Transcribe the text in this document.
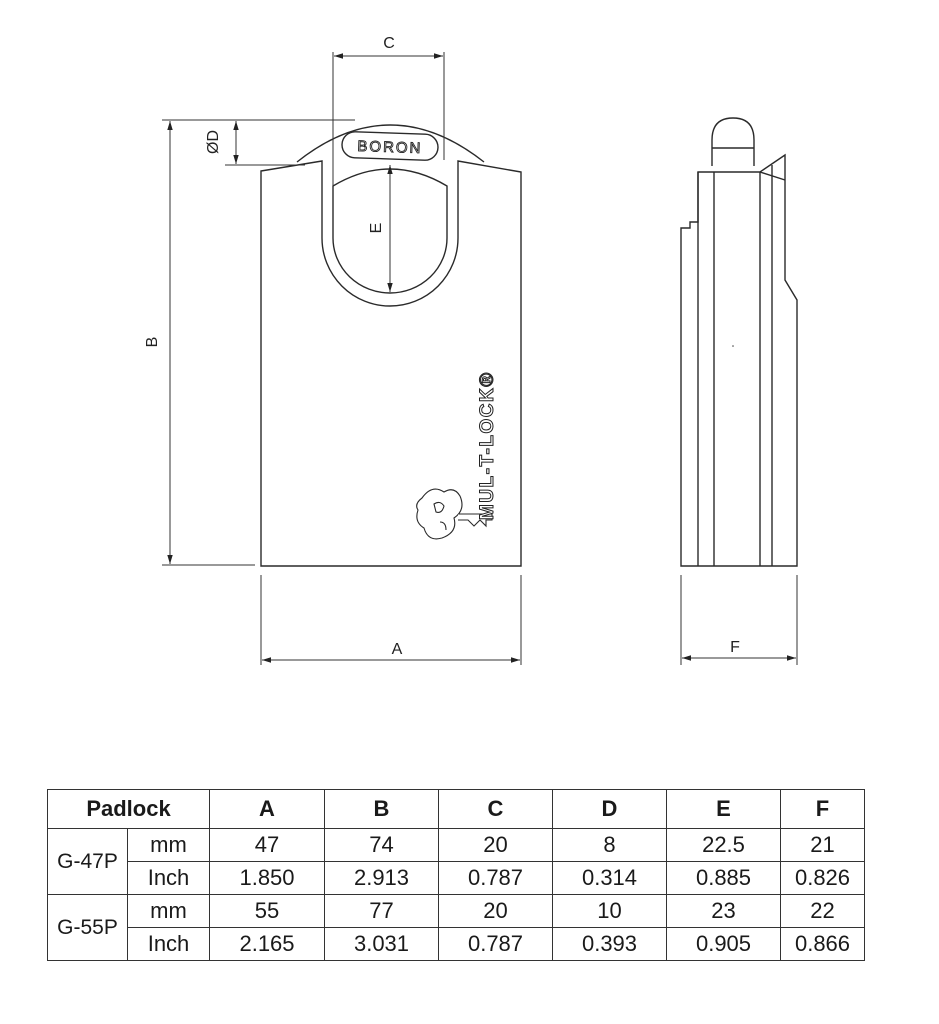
BORON
MUL-T-LOCK®
C
ØD
B
E
A	F
Padlock		A	B	C	D	E	F
G-47P	mm	47	74	20	8	22.5	21
	Inch	1.850	2.913	0.787	0.314	0.885	0.826
G-55P	mm	55	77	20	10	23	22
	Inch	2.165	3.031	0.787	0.393	0.905	0.866
